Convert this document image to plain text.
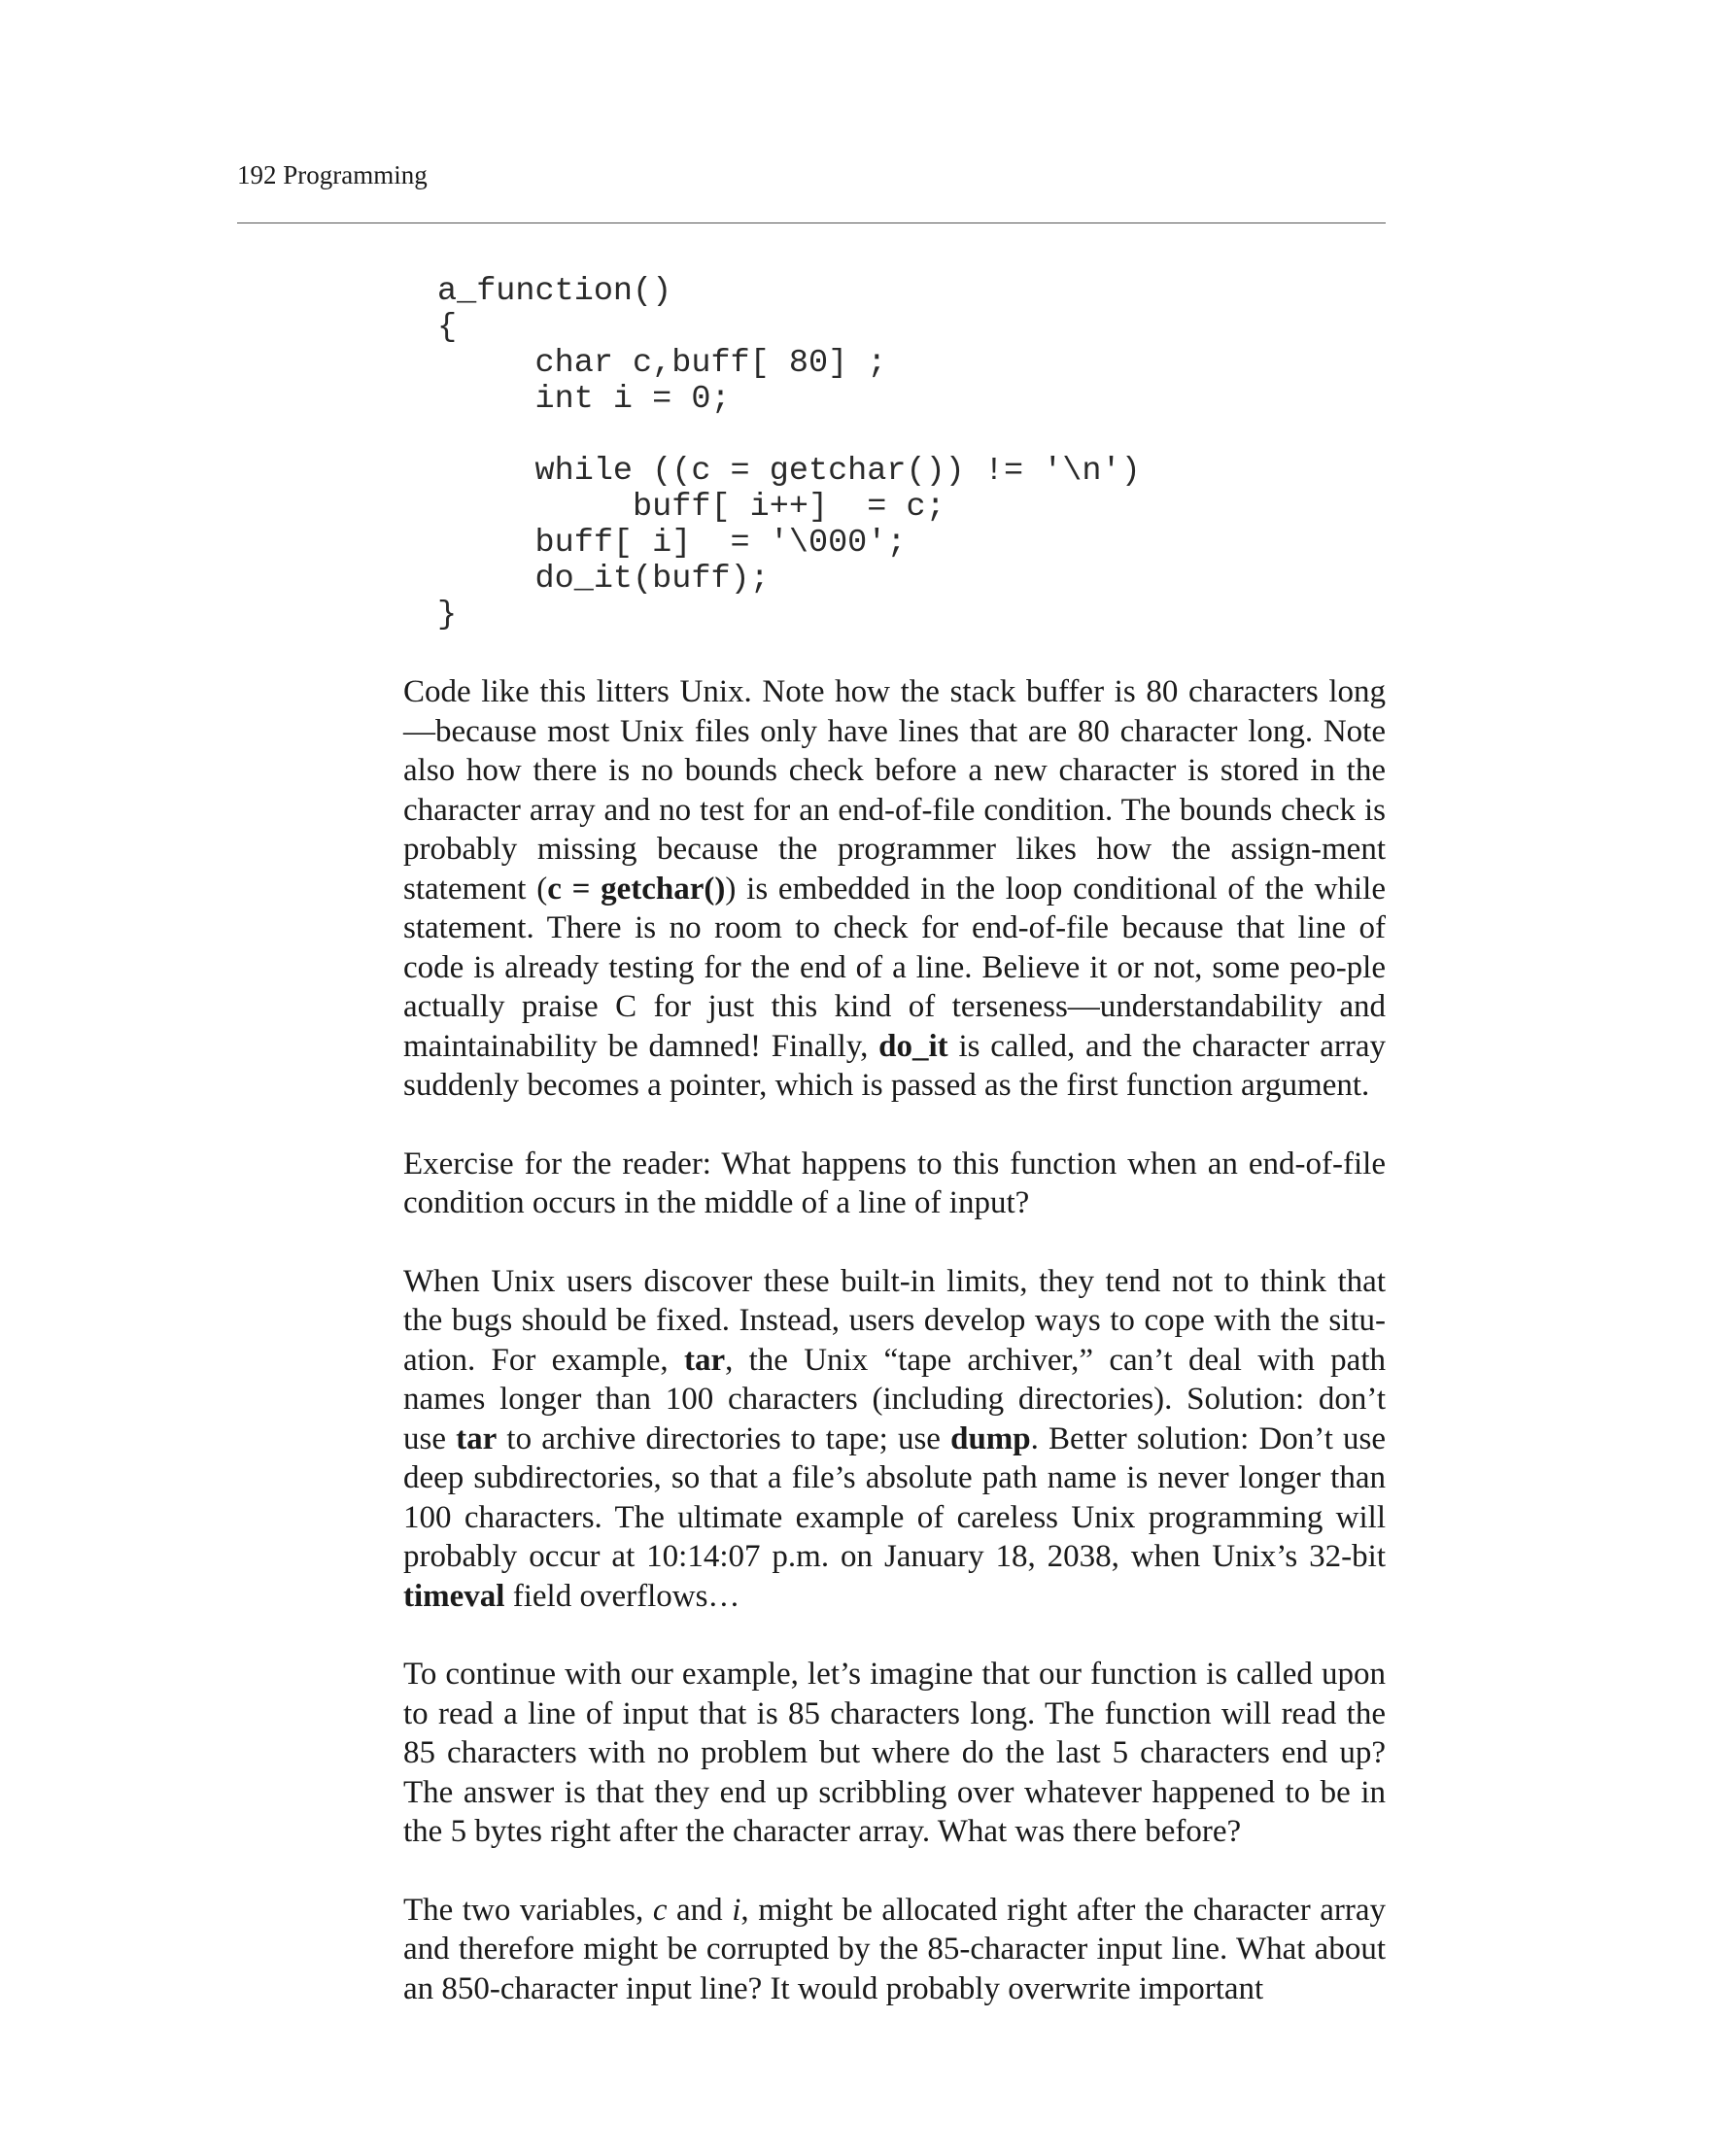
192 Programming
a_function()
{
char c,buff[ 80] ;
int i = 0;
while ((c = getchar()) != '\n')
buff[ i++]  = c;
buff[ i]  = '\000';
do_it(buff);
}

Code like this litters Unix. Note how the stack buffer is 80 characters long—because most Unix files only have lines that are 80 character long. Note also how there is no bounds check before a new character is stored in the character array and no test for an end-of-file condition. The bounds check is probably missing because the programmer likes how the assign-ment statement (c = getchar()) is embedded in the loop conditional of the while statement. There is no room to check for end-of-file because that line of code is already testing for the end of a line. Believe it or not, some peo-ple actually praise C for just this kind of terseness—understandability and maintainability be damned! Finally, do_it is called, and the character array suddenly becomes a pointer, which is passed as the first function argument.

Exercise for the reader: What happens to this function when an end-of-file condition occurs in the middle of a line of input?

When Unix users discover these built-in limits, they tend not to think that the bugs should be fixed. Instead, users develop ways to cope with the situ-ation. For example, tar, the Unix “tape archiver,” can’t deal with path names longer than 100 characters (including directories). Solution: don’t use tar to archive directories to tape; use dump. Better solution: Don’t use deep subdirectories, so that a file’s absolute path name is never longer than 100 characters. The ultimate example of careless Unix programming will probably occur at 10:14:07 p.m. on January 18, 2038, when Unix’s 32-bit timeval field overflows…

To continue with our example, let’s imagine that our function is called upon to read a line of input that is 85 characters long. The function will read the 85 characters with no problem but where do the last 5 characters end up? The answer is that they end up scribbling over whatever happened to be in the 5 bytes right after the character array. What was there before?

The two variables, c and i, might be allocated right after the character array and therefore might be corrupted by the 85-character input line. What about an 850-character input line? It would probably overwrite important
